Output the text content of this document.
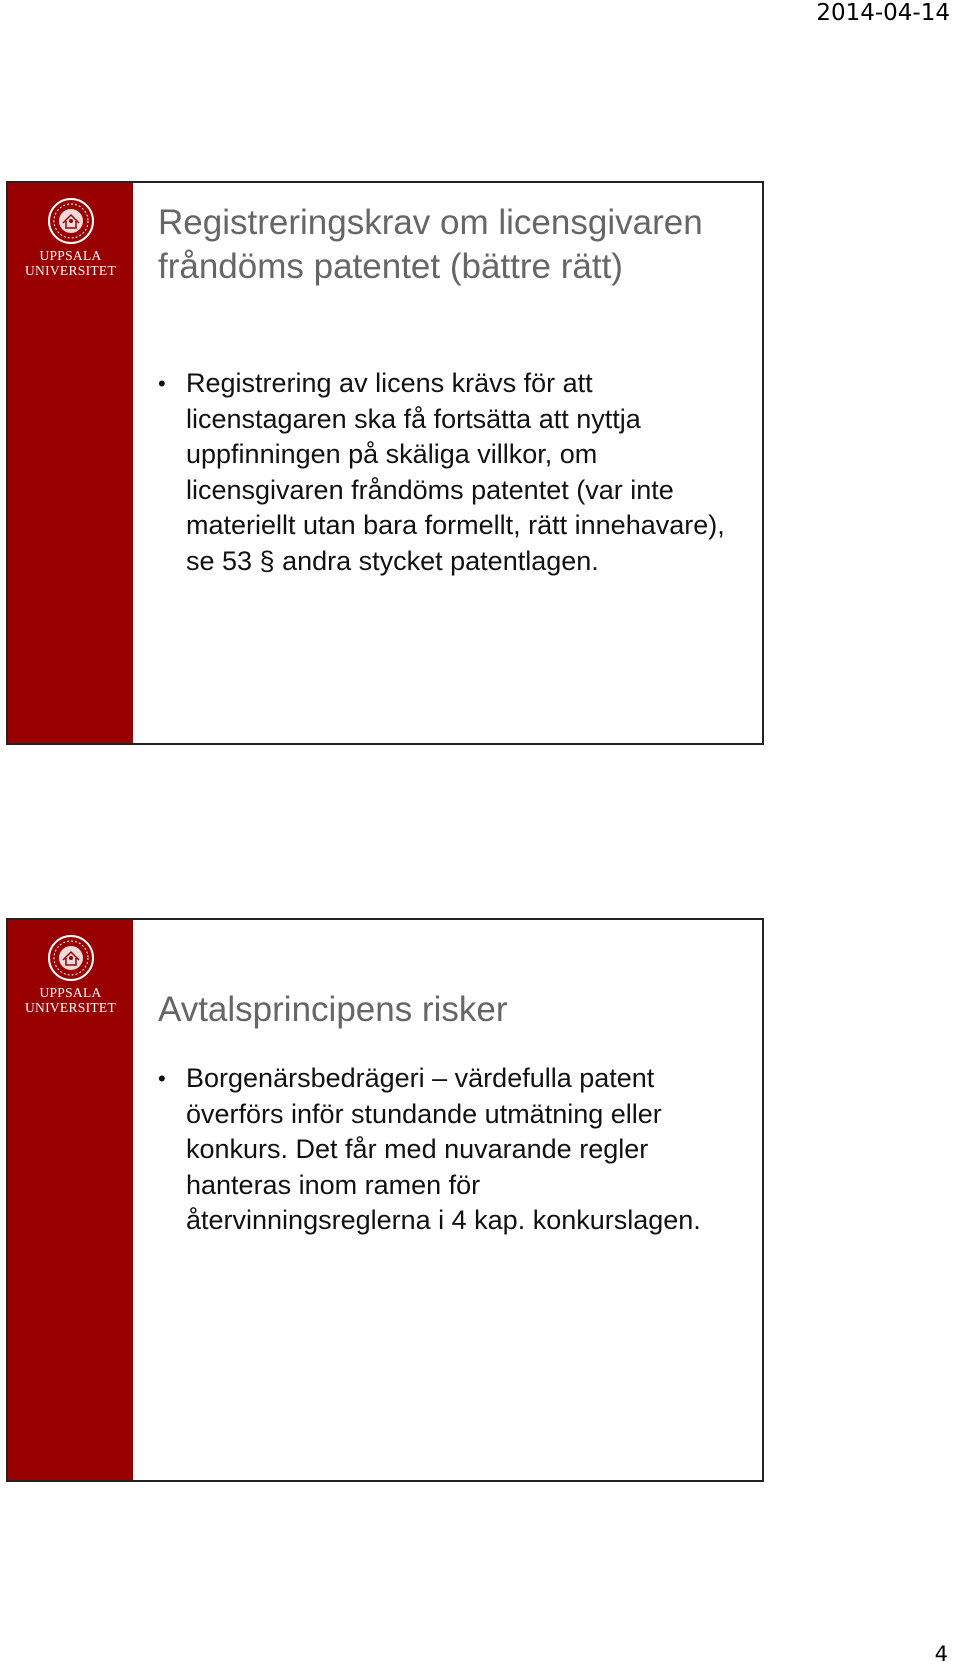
2014-04-14
UPPSALA
UNIVERSITET
Registreringskrav om licensgivaren fråndöms patentet (bättre rätt)
• Registrering av licens krävs för att licenstagaren ska få fortsätta att nyttja uppfinningen på skäliga villkor, om licensgivaren fråndöms patentet (var inte materiellt utan bara formellt, rätt innehavare), se 53 § andra stycket patentlagen.
UPPSALA
UNIVERSITET	Avtalsprincipens risker
• Borgenärsbedrägeri – värdefulla patent överförs inför stundande utmätning eller konkurs. Det får med nuvarande regler hanteras inom ramen för återvinningsreglerna i 4 kap. konkurslagen.
4
